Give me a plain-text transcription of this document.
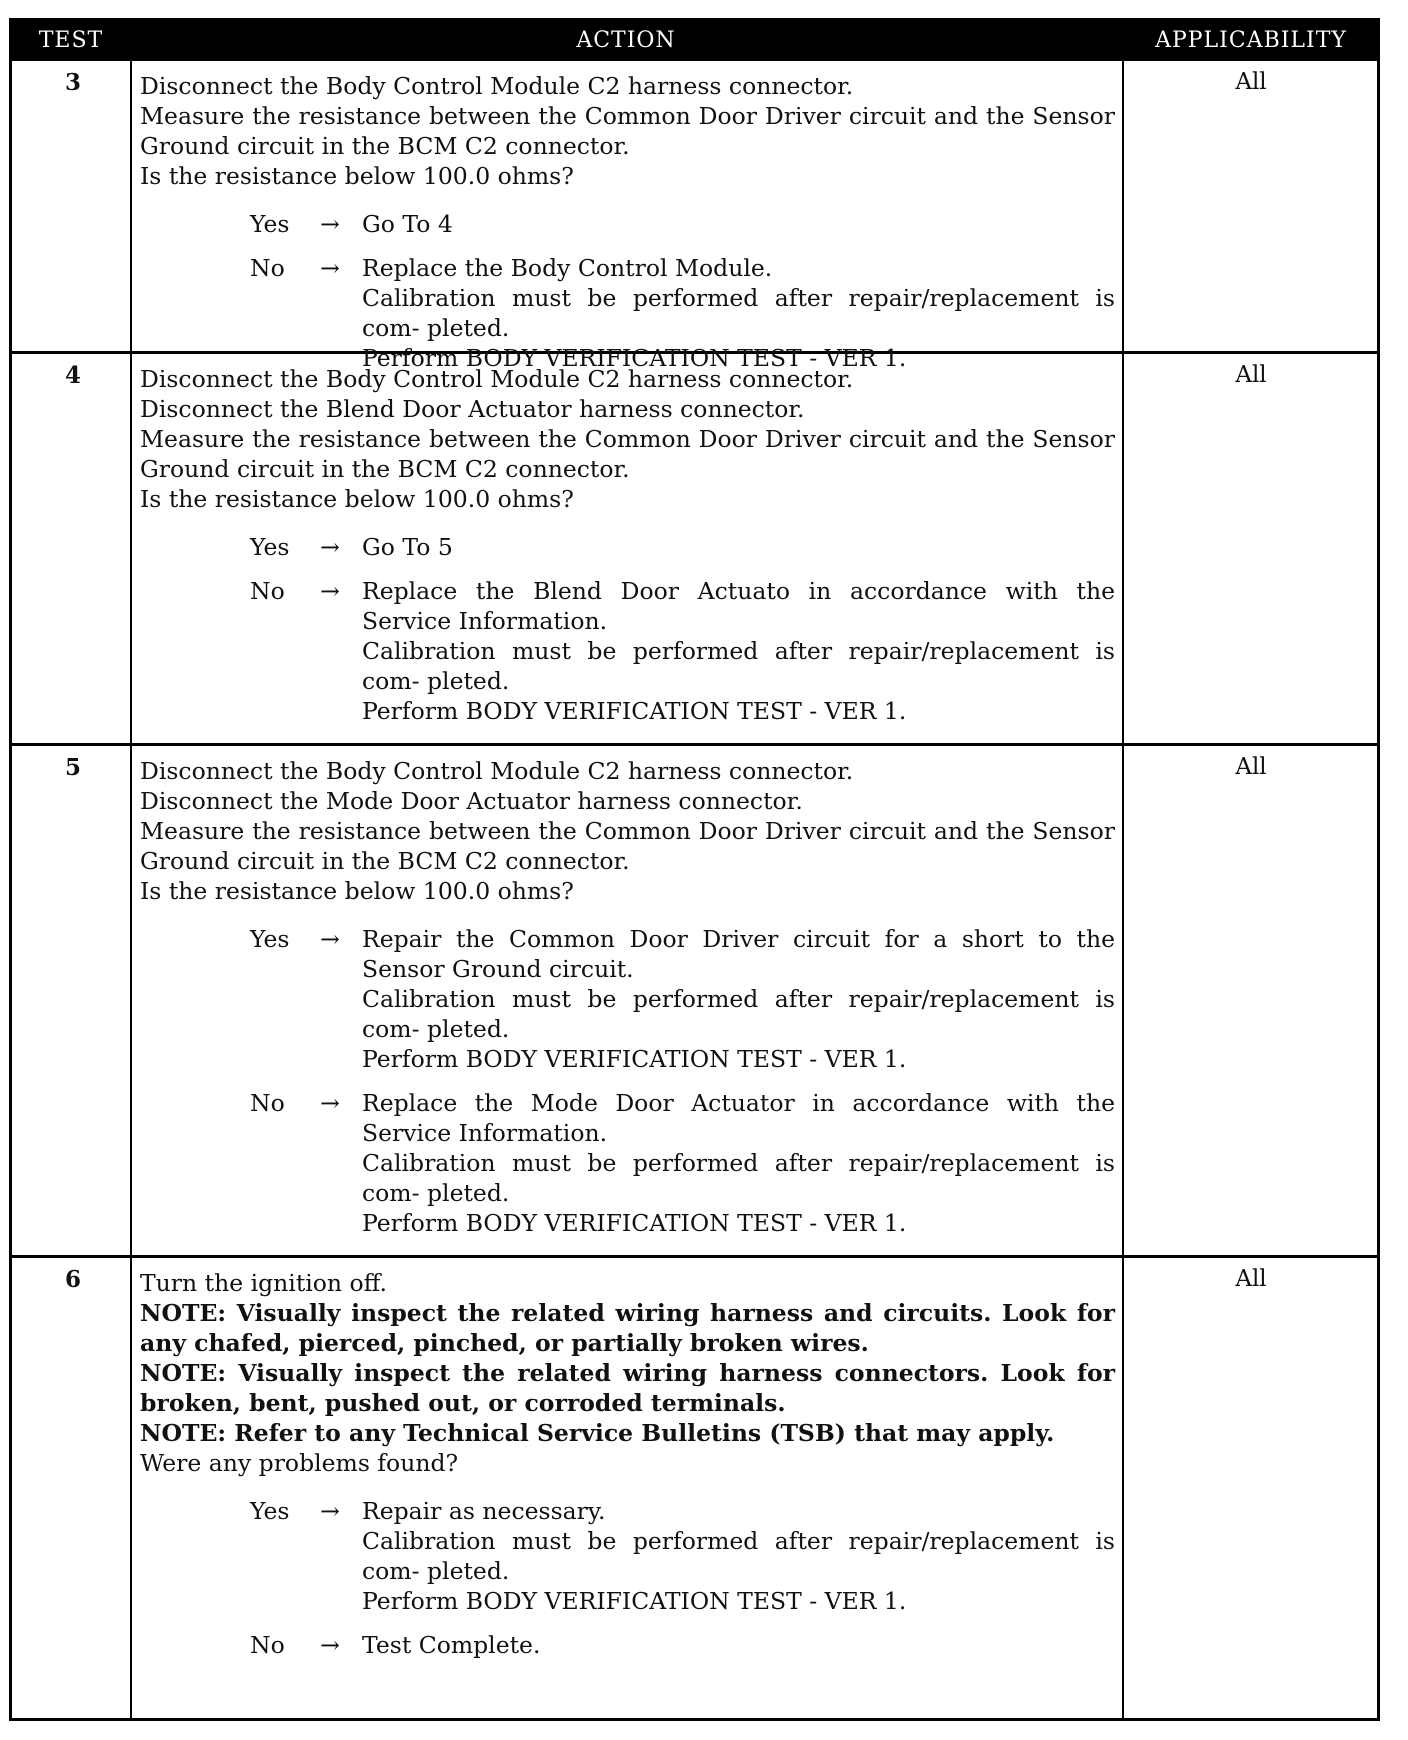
TEST	ACTION	APPLICABILITY
3	Disconnect the Body Control Module C2 harness connector.
Measure the resistance between the Common Door Driver circuit and the Sensor Ground circuit in the BCM C2 connector.
Is the resistance below 100.0 ohms?
Yes	→ Go To 4
No	→ Replace the Body Control Module.
Calibration must be performed after repair/replacement is com- pleted.
Perform BODY VERIFICATION TEST - VER 1.
All
4	Disconnect the Body Control Module C2 harness connector.
Disconnect the Blend Door Actuator harness connector.
Measure the resistance between the Common Door Driver circuit and the Sensor Ground circuit in the BCM C2 connector.
Is the resistance below 100.0 ohms?
Yes	→ Go To 5
No	→ Replace the Blend Door Actuato in accordance with the Service Information.
Calibration must be performed after repair/replacement is com- pleted.
Perform BODY VERIFICATION TEST - VER 1.
All
5	Disconnect the Body Control Module C2 harness connector.
Disconnect the Mode Door Actuator harness connector.
Measure the resistance between the Common Door Driver circuit and the Sensor Ground circuit in the BCM C2 connector.
Is the resistance below 100.0 ohms?
Yes	→ Repair the Common Door Driver circuit for a short to the Sensor Ground circuit.
Calibration must be performed after repair/replacement is com- pleted.
Perform BODY VERIFICATION TEST - VER 1.
No	→ Replace the Mode Door Actuator in accordance with the Service Information.
Calibration must be performed after repair/replacement is com- pleted.
Perform BODY VERIFICATION TEST - VER 1.
All
6	Turn the ignition off.
NOTE: Visually inspect the related wiring harness and circuits. Look for any chafed, pierced, pinched, or partially broken wires.
NOTE: Visually inspect the related wiring harness connectors. Look for broken, bent, pushed out, or corroded terminals.
NOTE: Refer to any Technical Service Bulletins (TSB) that may apply.
Were any problems found?
Yes	→ Repair as necessary.
Calibration must be performed after repair/replacement is com- pleted.
Perform BODY VERIFICATION TEST - VER 1.
No	→ Test Complete.
All
